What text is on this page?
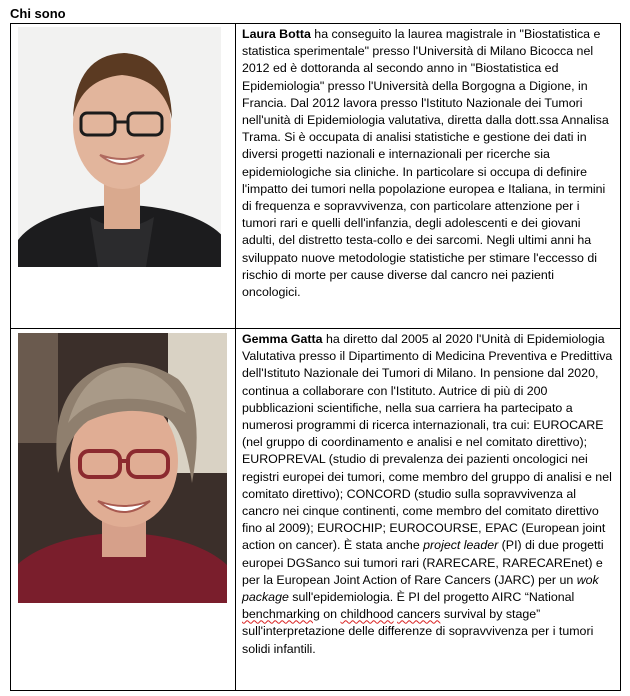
Chi sono
	Laura Botta ha conseguito la laurea magistrale in "Biostatistica e statistica sperimentale" presso l'Università di Milano Bicocca nel 2012 ed è dottoranda al secondo anno in "Biostatistica ed Epidemiologia" presso l'Università della Borgogna a Digione, in Francia. Dal 2012 lavora presso l'Istituto Nazionale dei Tumori nell'unità di Epidemiologia valutativa, diretta dalla dott.ssa Annalisa Trama. Si è occupata di analisi statistiche e gestione dei dati in diversi progetti nazionali e internazionali per ricerche sia epidemiologiche sia cliniche. In particolare si occupa di definire l'impatto dei tumori nella popolazione europea e Italiana, in termini di frequenza e sopravvivenza, con particolare attenzione per i tumori rari e quelli dell'infanzia, degli adolescenti e dei giovani adulti, del distretto testa-collo e dei sarcomi. Negli ultimi anni ha sviluppato nuove metodologie statistiche per stimare l'eccesso di rischio di morte per cause diverse dal cancro nei pazienti oncologici.

	Gemma Gatta ha diretto dal 2005 al 2020 l'Unità di Epidemiologia Valutativa presso il Dipartimento di Medicina Preventiva e Predittiva dell'Istituto Nazionale dei Tumori di Milano. In pensione dal 2020, continua a collaborare con l'Istituto. Autrice di più di 200 pubblicazioni scientifiche, nella sua carriera ha partecipato a numerosi programmi di ricerca internazionali, tra cui: EUROCARE (nel gruppo di coordinamento e analisi e nel comitato direttivo); EUROPREVAL (studio di prevalenza dei pazienti oncologici nei registri europei dei tumori, come membro del gruppo di analisi e nel comitato direttivo); CONCORD (studio sulla sopravvivenza al cancro nei cinque continenti, come membro del comitato direttivo fino al 2009); EUROCHIP; EUROCOURSE, EPAC (European joint action on cancer). È stata anche project leader (PI) di due progetti europei DGSanco sui tumori rari (RARECARE, RARECAREnet) e per la European Joint Action of Rare Cancers (JARC) per un wok package sull'epidemiologia. È PI del progetto AIRC “National benchmarking on childhood cancers survival by stage” sull'interpretazione delle differenze di sopravvivenza per i tumori solidi infantili.
